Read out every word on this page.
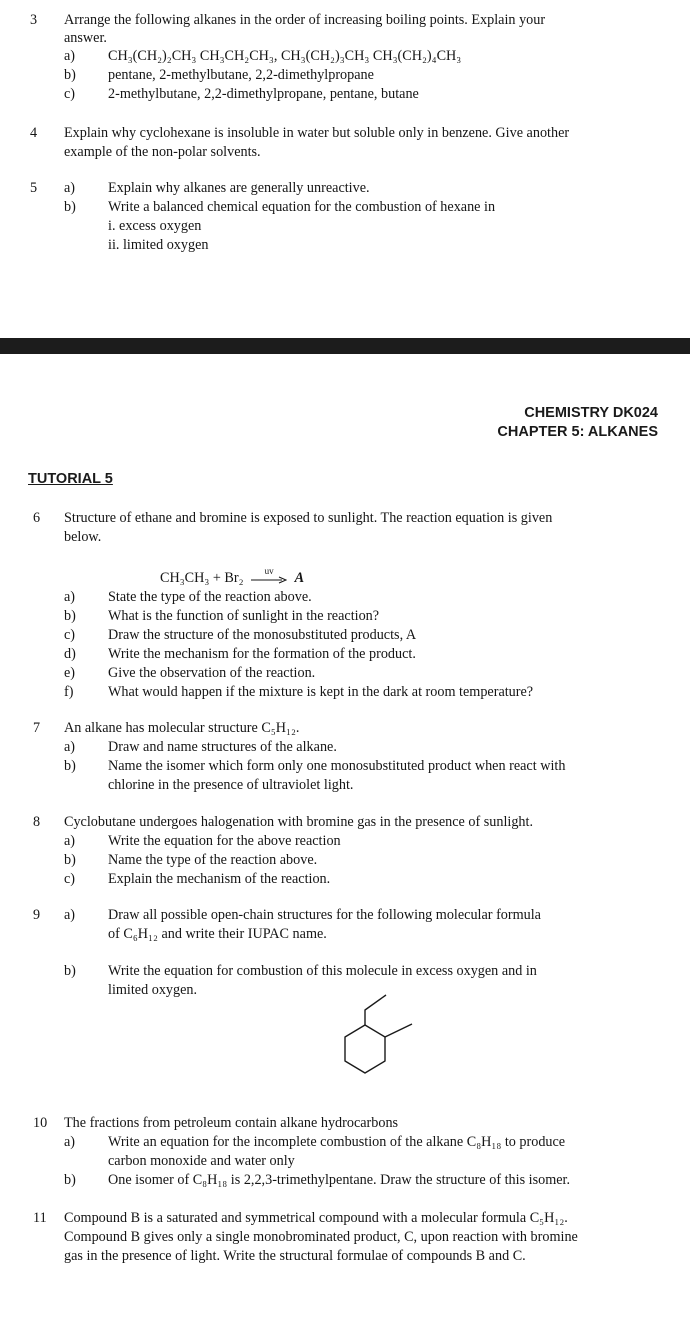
3 Arrange the following alkanes in the order of increasing boiling points. Explain your
answer.
a) CH₃(CH₂)₂CH₃ CH₃CH₂CH₃, CH₃(CH₂)₃CH₃ CH₃(CH₂)₄CH₃
b) pentane, 2-methylbutane, 2,2-dimethylpropane
c) 2-methylbutane, 2,2-dimethylpropane, pentane, butane
4 Explain why cyclohexane is insoluble in water but soluble only in benzene. Give another
example of the non-polar solvents.
5 a) Explain why alkanes are generally unreactive.
b) Write a balanced chemical equation for the combustion of hexane in
i. excess oxygen
ii. limited oxygen
CHEMISTRY DK024
CHAPTER 5: ALKANES
TUTORIAL 5
6 Structure of ethane and bromine is exposed to sunlight. The reaction equation is given
below.
CH₃CH₃ + Br₂	uv	A
a) State the type of the reaction above.
b) What is the function of sunlight in the reaction?
c) Draw the structure of the monosubstituted products, A
d) Write the mechanism for the formation of the product.
e) Give the observation of the reaction.
f) What would happen if the mixture is kept in the dark at room temperature?
7 An alkane has molecular structure C₅H₁₂.
a) Draw and name structures of the alkane.
b) Name the isomer which form only one monosubstituted product when react with
chlorine in the presence of ultraviolet light.
8 Cyclobutane undergoes halogenation with bromine gas in the presence of sunlight.
a) Write the equation for the above reaction
b) Name the type of the reaction above.
c) Explain the mechanism of the reaction.
9 a) Draw all possible open-chain structures for the following molecular formula
of C₆H₁₂ and write their IUPAC name.
b) Write the equation for combustion of this molecule in excess oxygen and in
limited oxygen.
10 The fractions from petroleum contain alkane hydrocarbons
a) Write an equation for the incomplete combustion of the alkane C₈H₁₈ to produce
carbon monoxide and water only
b) One isomer of C₈H₁₈ is 2,2,3-trimethylpentane. Draw the structure of this isomer.
11 Compound B is a saturated and symmetrical compound with a molecular formula C₅H₁₂.
Compound B gives only a single monobrominated product, C, upon reaction with bromine
gas in the presence of light. Write the structural formulae of compounds B and C.
